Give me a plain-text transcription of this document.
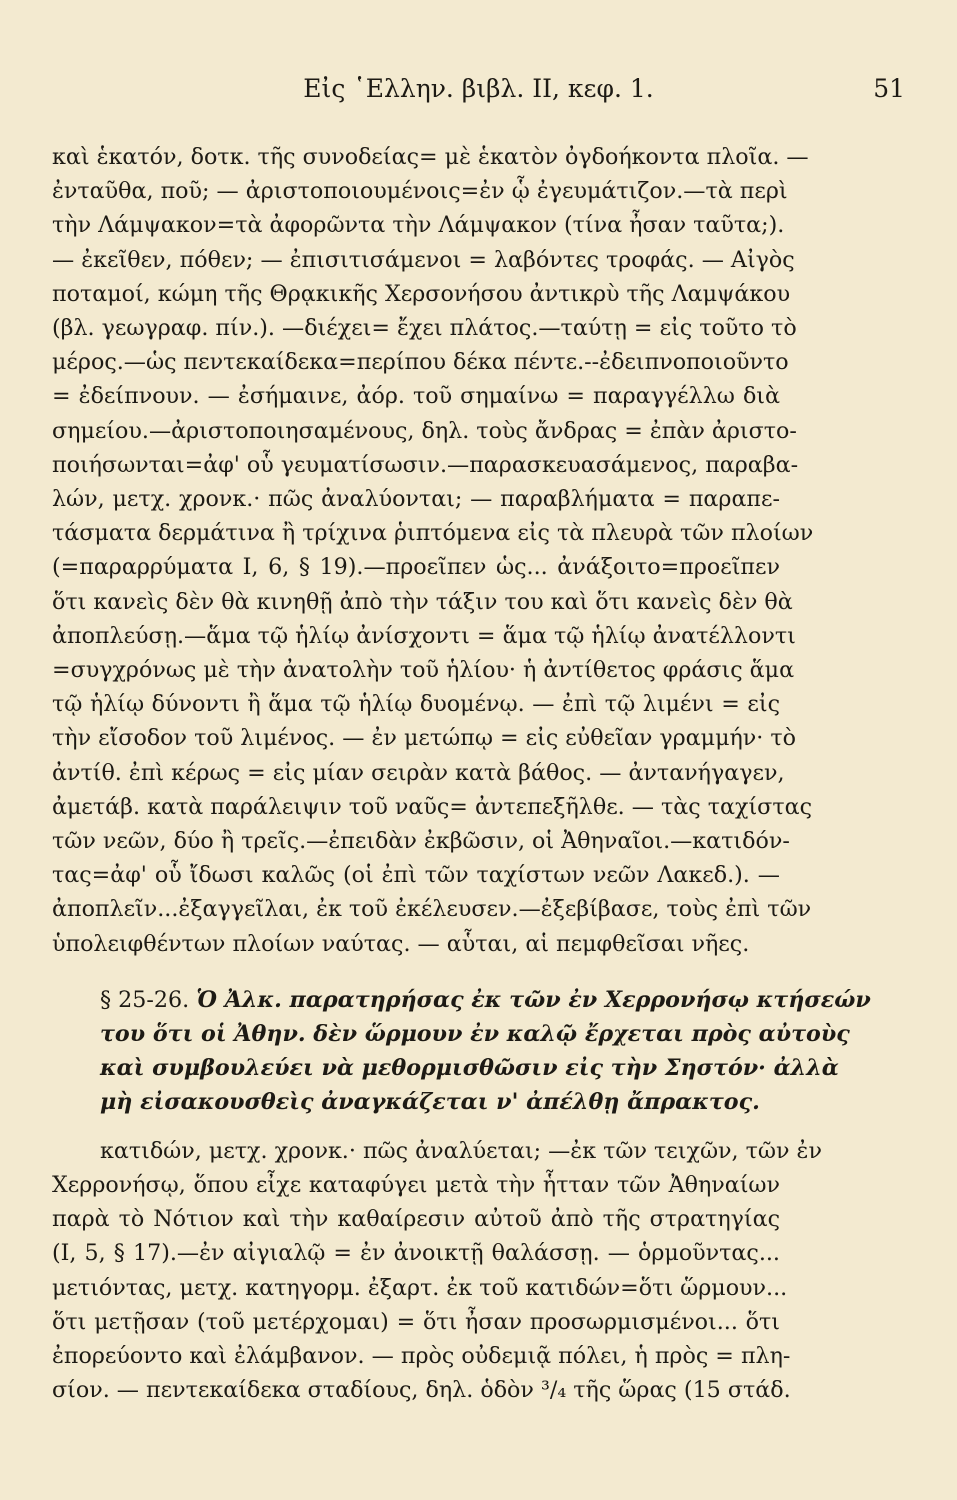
Εἰς ῾Ελλην. βιβλ. II, κεφ. 1.	51
καὶ ἑκατόν, δοτκ. τῆς συνοδείας= μὲ ἑκατὸν ὀγδοήκοντα πλοῖα. —
ἐνταῦθα, ποῦ; — ἀριστοποιουμένοις=ἐν ᾧ ἐγευμάτιζον.—τὰ περὶ
τὴν Λάμψακον=τὰ ἀφορῶντα τὴν Λάμψακον (τίνα ἦσαν ταῦτα;).
— ἐκεῖθεν, πόθεν; — ἐπισιτισάμενοι = λαβόντες τροφάς. — Αἰγὸς
ποταμοί, κώμη τῆς Θρᾳκικῆς Χερσονήσου ἀντικρὺ τῆς Λαμψάκου
(βλ. γεωγραφ. πίν.). —διέχει= ἔχει πλάτος.—ταύτῃ = εἰς τοῦτο τὸ
μέρος.—ὡς πεντεκαίδεκα=περίπου δέκα πέντε.--ἐδειπνοποιοῦντο
= ἐδείπνουν. — ἐσήμαινε, ἀόρ. τοῦ σημαίνω = παραγγέλλω διὰ
σημείου.—ἀριστοποιησαμένους, δηλ. τοὺς ἄνδρας = ἐπὰν ἀριστο-
ποιήσωνται=ἀφ' οὗ γευματίσωσιν.—παρασκευασάμενος, παραβα-
λών, μετχ. χρονκ.· πῶς ἀναλύονται; — παραβλήματα = παραπε-
τάσματα δερμάτινα ἢ τρίχινα ῥιπτόμενα εἰς τὰ πλευρὰ τῶν πλοίων
(=παραρρύματα I, 6, § 19).—προεῖπεν ὡς... ἀνάξοιτο=προεῖπεν
ὅτι κανεὶς δὲν θὰ κινηθῇ ἀπὸ τὴν τάξιν του καὶ ὅτι κανεὶς δὲν θὰ
ἀποπλεύσῃ.—ἅμα τῷ ἡλίῳ ἀνίσχοντι = ἅμα τῷ ἡλίῳ ἀνατέλλοντι
=συγχρόνως μὲ τὴν ἀνατολὴν τοῦ ἡλίου· ἡ ἀντίθετος φράσις ἅμα
τῷ ἡλίῳ δύνοντι ἢ ἅμα τῷ ἡλίῳ δυομένῳ. — ἐπὶ τῷ λιμένι = εἰς
τὴν εἴσοδον τοῦ λιμένος. — ἐν μετώπῳ = εἰς εὐθεῖαν γραμμήν· τὸ
ἀντίθ. ἐπὶ κέρως = εἰς μίαν σειρὰν κατὰ βάθος. — ἀντανήγαγεν,
ἀμετάβ. κατὰ παράλειψιν τοῦ ναῦς= ἀντεπεξῆλθε. — τὰς ταχίστας
τῶν νεῶν, δύο ἢ τρεῖς.—ἐπειδὰν ἐκβῶσιν, οἱ Ἀθηναῖοι.—κατιδόν-
τας=ἀφ' οὗ ἴδωσι καλῶς (οἱ ἐπὶ τῶν ταχίστων νεῶν Λακεδ.). —
ἀποπλεῖν...ἐξαγγεῖλαι, ἐκ τοῦ ἐκέλευσεν.—ἐξεβίβασε, τοὺς ἐπὶ τῶν
ὑπολειφθέντων πλοίων ναύτας. — αὗται, αἱ πεμφθεῖσαι νῆες.
§ 25-26. Ὁ Ἀλκ. παρατηρήσας ἐκ τῶν ἐν Χερρονήσῳ κτήσεών
του ὅτι οἱ Ἀθην. δὲν ὥρμουν ἐν καλῷ ἔρχεται πρὸς αὐτοὺς
καὶ συμβουλεύει νὰ μεθορμισθῶσιν εἰς τὴν Σηστόν· ἀλλὰ
μὴ εἰσακουσθεὶς ἀναγκάζεται ν' ἀπέλθῃ ἄπρακτος.
κατιδών, μετχ. χρονκ.· πῶς ἀναλύεται; —ἐκ τῶν τειχῶν, τῶν ἐν
Χερρονήσῳ, ὅπου εἶχε καταφύγει μετὰ τὴν ἧτταν τῶν Ἀθηναίων
παρὰ τὸ Νότιον καὶ τὴν καθαίρεσιν αὐτοῦ ἀπὸ τῆς στρατηγίας
(I, 5, § 17).—ἐν αἰγιαλῷ = ἐν ἀνοικτῇ θαλάσσῃ. — ὁρμοῦντας...
μετιόντας, μετχ. κατηγορμ. ἐξαρτ. ἐκ τοῦ κατιδών=ὅτι ὥρμουν...
ὅτι μετῇσαν (τοῦ μετέρχομαι) = ὅτι ἦσαν προσωρμισμένοι... ὅτι
ἐπορεύοντο καὶ ἐλάμβανον. — πρὸς οὐδεμιᾷ πόλει, ἡ πρὸς = πλη-
σίον. — πεντεκαίδεκα σταδίους, δηλ. ὁδὸν ³/₄ τῆς ὥρας (15 στάδ.
